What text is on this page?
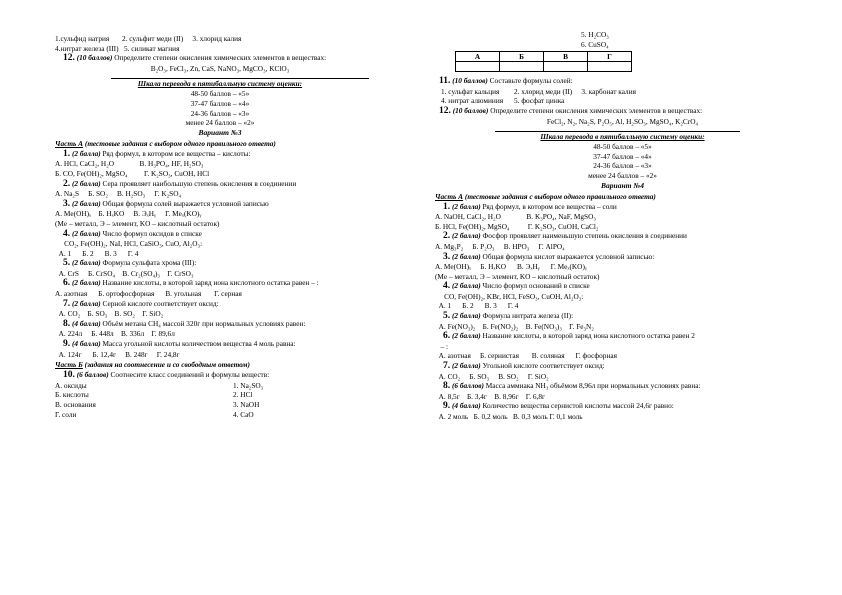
1.сульфид натрия       2. сульфит меди (II)     3. хлорид калия
4.нитрат железа (III)   5. силикат магния
12. (10 баллов) Определите степени окисления химических элементов в веществах:
B₂O₃, FeCl₃, Zn, CaS, NaNO₃, MgCO₃, KClO₃
Шкала перевода в пятибалльную систему оценки:
48-50 баллов – «5»
37-47 баллов – «4»
24-36 баллов – «3»
менее 24 баллов – «2»
Вариант №3
Часть А (тестовые задания с выбором одного правильного ответа)
1. (2 балла) Ряд формул, в котором все вещества – кислоты:
А. HCl, CaCl₂, H₂O              В. H₃PO₄, HF, H₂SO₃
Б. CO, Fe(OH)₂, MgSO₄         Г. K₂SO₃, CuOH, HCl
2. (2 балла) Сера проявляет наибольшую степень окисления в соединении
А. Na₂S     Б. SO₂     В. H₂SO₃     Г. K₂SO₄
3. (2 балла) Общая формула солей выражается условной записью
А. Me(OH)ₓ    Б. HₓKO     В. ЭₓHᵧ     Г. Meₓ(KO)ᵧ
(Me – металл, Э – элемент, KO – кислотный остаток)
4. (2 балла) Число формул оксидов в списке
CO₂, Fe(OH)₂, NaI, HCl, CaSiO₃, CuO, Al₂O₃:
А. 1      Б. 2      В. 3      Г. 4
5. (2 балла) Формула сульфата хрома (III):
А. CrS     Б. CrSO₄    В. Cr₂(SO₄)₃    Г. CrSO₃
6. (2 балла) Название кислоты, в которой заряд иона кислотного остатка равен – :
А. азотная      Б. ортофосфорная      В. угольная       Г. серная
7. (2 балла) Серной кислоте соответствует оксид:
А. CO₂    Б. SO₃    В. SO₂    Г. SiO₂
8. (4 балла) Объём метана CH₄ массой 320г при нормальных условиях равен:
А. 224л     Б. 448л    В. 336л    Г. 89,6л
9. (4 балла) Масса угольной кислоты количеством вещества 4 моль равна:
А. 124г      Б. 12,4г     В. 248г     Г. 24,8г
Часть Б (задания на соотнесение и со свободным ответом)
10. (6 баллов) Соотнесите класс соединений и формулы веществ:
А. оксиды	1. Na₂SO₃
Б. кислоты	2. HCl
В. основания	3. NaOH
Г. соли	4. CaO
5. H₂CO₃
6. CuSO₄
А	Б	В	Г

11. (10 баллов) Составьте формулы солей:
1. сульфат кальция        2. хлорид меди (II)     3. карбонат калия
4. нитрат алюминия      5. фосфат цинка
12. (10 баллов) Определите степени окисления химических элементов в веществах:
FeCl₂, N₂, Na₂S, P₂O₅, Al, H₂SO₃, MgSO₄, K₂CrO₄
Шкала перевода в пятибалльную систему оценки:
48-50 баллов – «5»
37-47 баллов – «4»
24-36 баллов – «3»
менее 24 баллов – «2»
Вариант №4
Часть А (тестовые задания с выбором одного правильного ответа)
1. (2 балла) Ряд формул, в котором все вещества – соли
А. NaOH, CaCl₂, H₂O              В. K₃PO₄, NaF, MgSO₃
Б. HCl, Fe(OH)₂, MgSO₄          Г. K₂SO₃, CuOH, CaCl₂
2. (2 балла) Фосфор проявляет наименьшую степень окисления в соединении
А. Mg₃P₂     Б. P₂O₃     В. HPO₃     Г. AlPO₄
3. (2 балла) Общая формула кислот выражается условной записью:
А. Me(OH)ₓ     Б. HₓKO      В. ЭₓHᵧ      Г. Meₓ(KO)ᵧ
(Me – металл, Э – элемент, KO – кислотный остаток)
4. (2 балла) Число формул оснований в списке
CO, Fe(OH)₂, KBr, HCl, FeSO₃, CuOH, Al₂O₃:
А. 1      Б. 2      В. 3      Г. 4
5. (2 балла) Формула нитрата железа (II):
А. Fe(NO₃)₂    Б. Fe(NO₂)₂    В. Fe(NO₃)₃    Г. Fe₃N₂
6. (2 балла) Название кислоты, в которой заряд иона кислотного остатка равен 2
– :
А. азотная     Б. сернистая       В. соляная      Г. фосфорная
7. (2 балла) Угольной кислоте соответствует оксид:
А. CO₂     Б. SO₃     В. SO₂     Г. SiO₂
8. (6 баллов) Масса аммиака NH₃ объёмом 8,96л при нормальных условиях равна:
А. 8,5г    Б. 3,4г    В. 8,96г    Г. 6,8г
9. (4 балла) Количество вещества сернистой кислоты массой 24,6г равно:
А. 2 моль   Б. 0,2 моль   В. 0,3 моль Г. 0,1 моль
